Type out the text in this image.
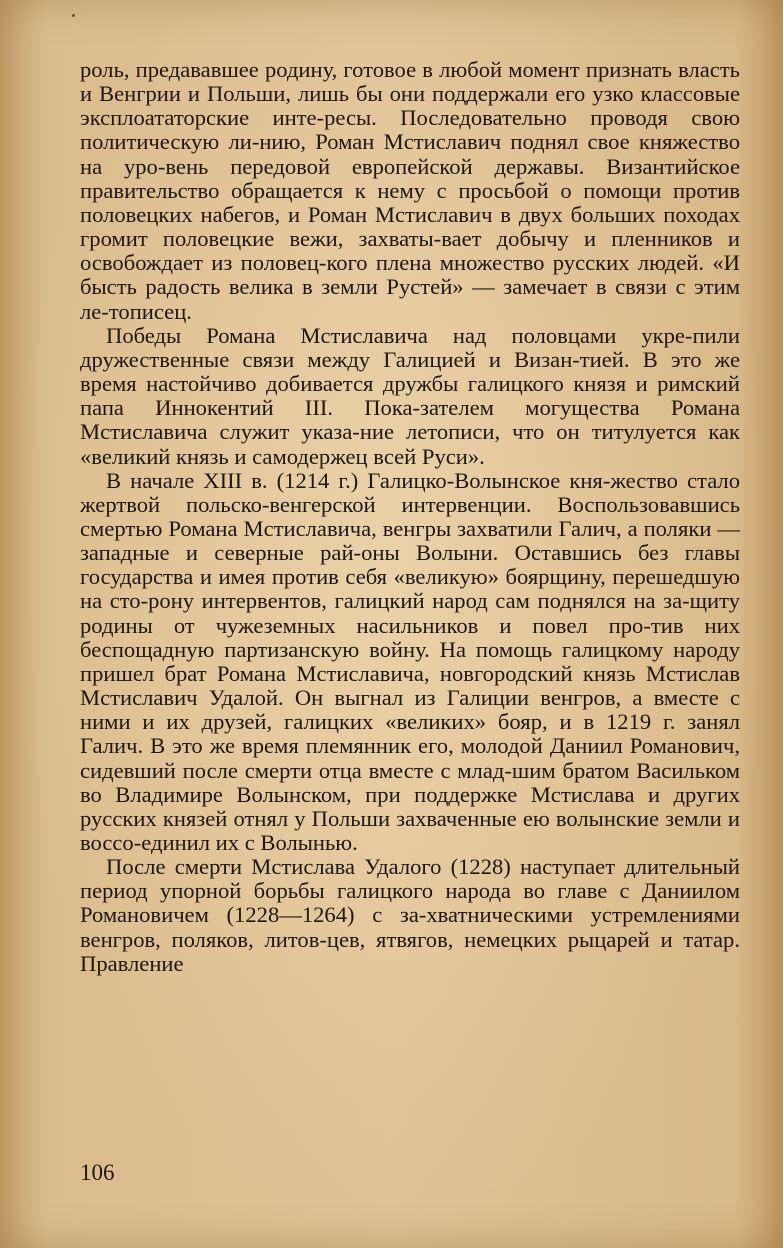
роль, предававшее родину, готовое в любой момент признать власть и Венгрии и Польши, лишь бы они поддержали его узко классовые эксплоататорские инте-ресы. Последовательно проводя свою политическую ли-нию, Роман Мстиславич поднял свое княжество на уро-вень передовой европейской державы. Византийское правительство обращается к нему с просьбой о помощи против половецких набегов, и Роман Мстиславич в двух больших походах громит половецкие вежи, захваты-вает добычу и пленников и освобождает из половец-кого плена множество русских людей. «И бысть радость велика в земли Рустей» — замечает в связи с этим ле-тописец.

Победы Романа Мстиславича над половцами укре-пили дружественные связи между Галицией и Визан-тией. В это же время настойчиво добивается дружбы галицкого князя и римский папа Иннокентий III. Пока-зателем могущества Романа Мстиславича служит указа-ние летописи, что он титулуется как «великий князь и самодержец всей Руси».

В начале XIII в. (1214 г.) Галицко-Волынское кня-жество стало жертвой польско-венгерской интервенции. Воспользовавшись смертью Романа Мстиславича, венгры захватили Галич, а поляки — западные и северные рай-оны Волыни. Оставшись без главы государства и имея против себя «великую» боярщину, перешедшую на сто-рону интервентов, галицкий народ сам поднялся на за-щиту родины от чужеземных насильников и повел про-тив них беспощадную партизанскую войну. На помощь галицкому народу пришел брат Романа Мстиславича, новгородский князь Мстислав Мстиславич Удалой. Он выгнал из Галиции венгров, а вместе с ними и их друзей, галицких «великих» бояр, и в 1219 г. занял Галич. В это же время племянник его, молодой Даниил Романович, сидевший после смерти отца вместе с млад-шим братом Васильком во Владимире Волынском, при поддержке Мстислава и других русских князей отнял у Польши захваченные ею волынские земли и воссо-единил их с Волынью.

После смерти Мстислава Удалого (1228) наступает длительный период упорной борьбы галицкого народа во главе с Даниилом Романовичем (1228—1264) с за-хватническими устремлениями венгров, поляков, литов-цев, ятвягов, немецких рыцарей и татар. Правление

106
